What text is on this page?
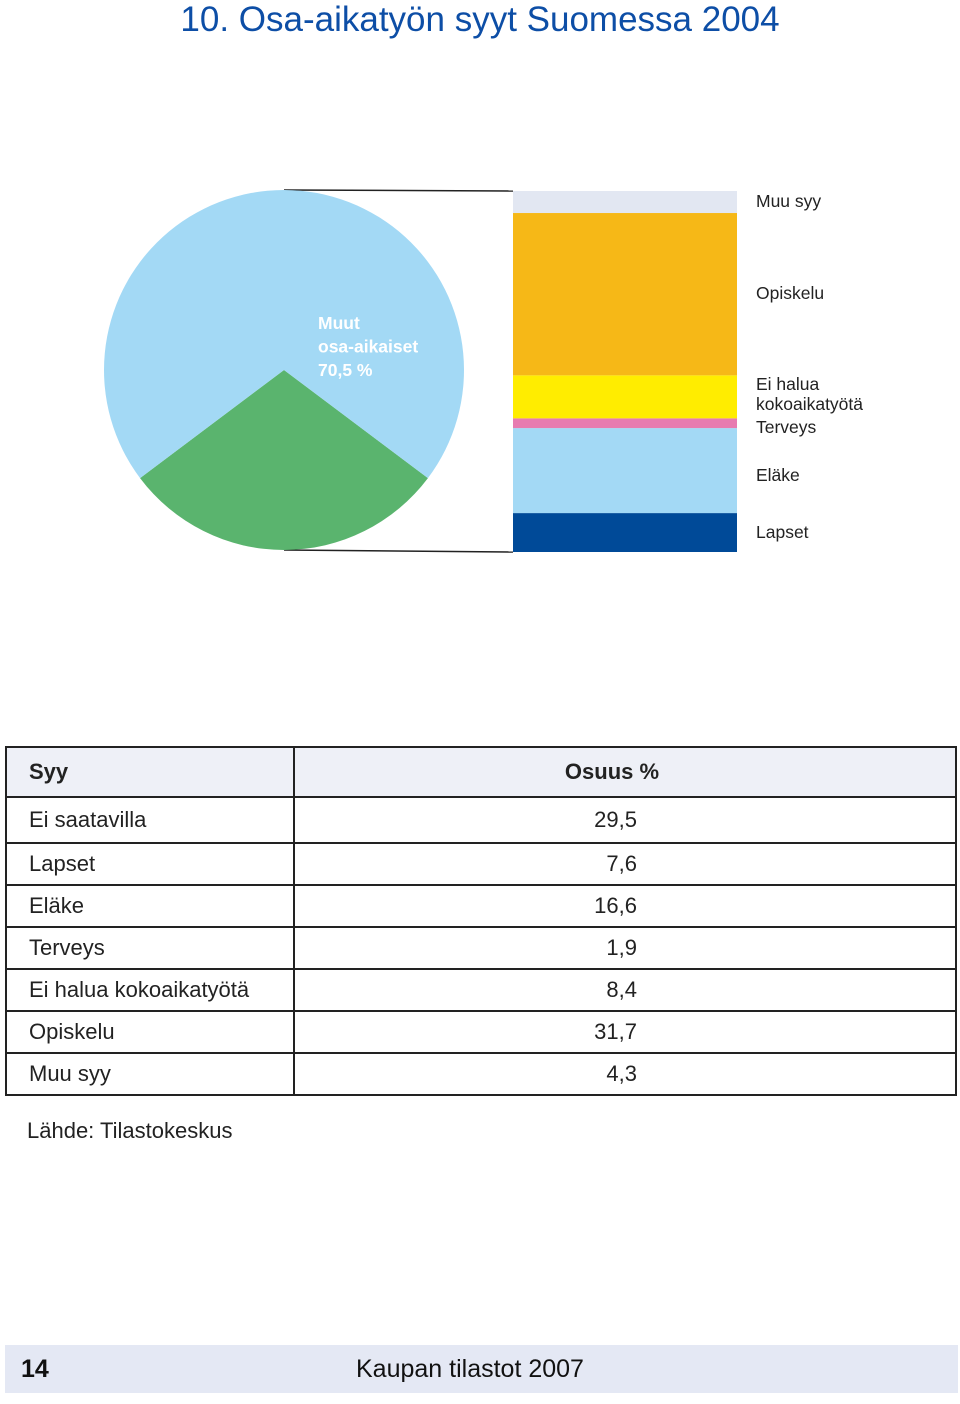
10. Osa-aikatyön syyt Suomessa 2004
Muut osa-aikaiset 70,5 %
Lapset
Eläke
Terveys
Ei halua kokoaikatyötä
Opiskelu
Muu syy
Syy	Osuus %
Ei saatavilla	29,5
Lapset	7,6
Eläke	16,6
Terveys	1,9
Ei halua kokoaikatyötä	8,4
Opiskelu	31,7
Muu syy	4,3
Lähde: Tilastokeskus
14	Kaupan tilastot 2007
